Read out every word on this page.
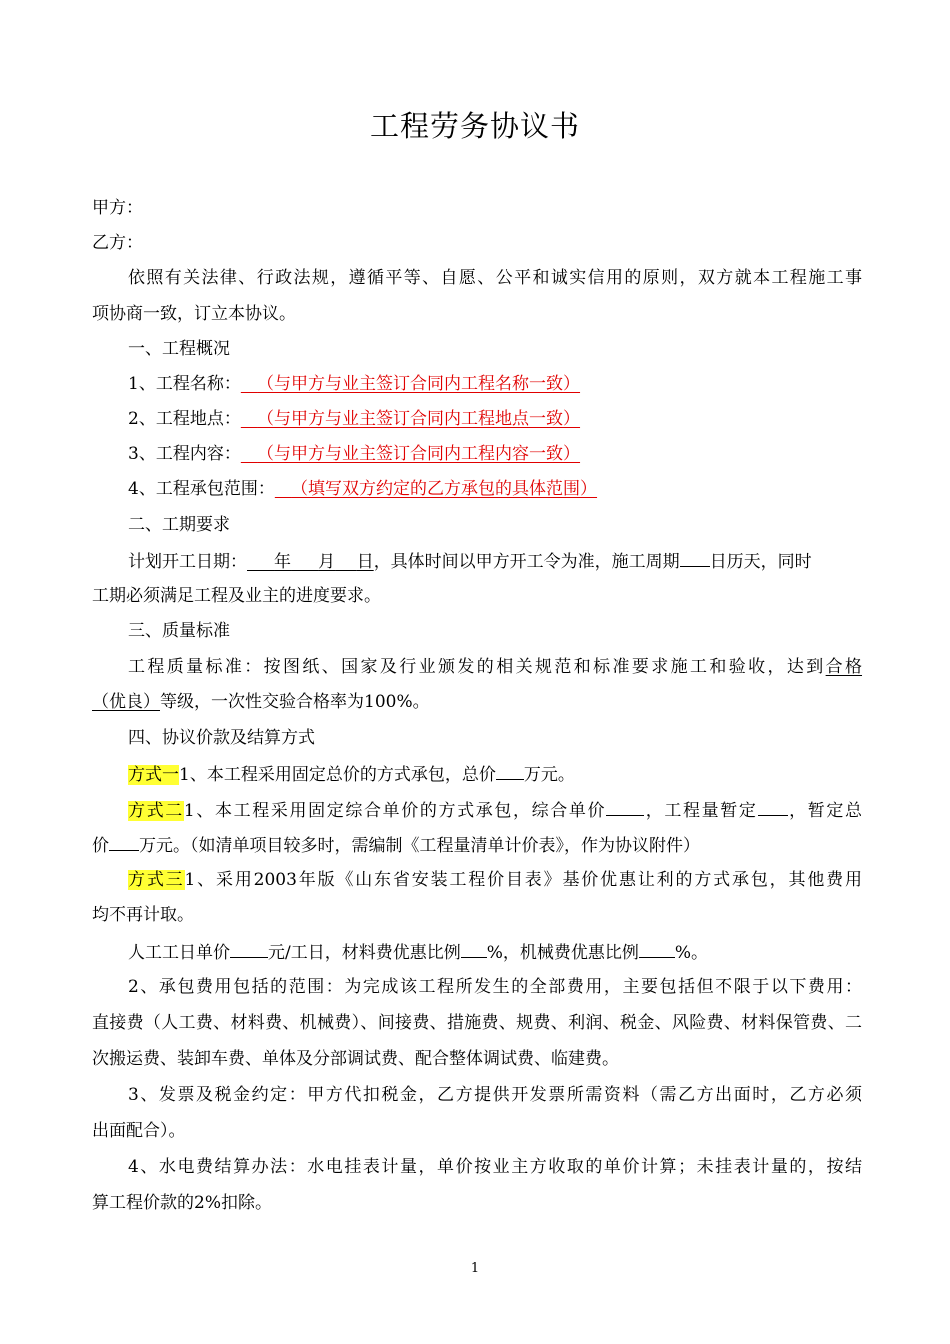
工程劳务协议书
甲方：
乙方：
依照有关法律、行政法规，遵循平等、自愿、公平和诚实信用的原则，双方就本工程施工事
项协商一致，订立本协议。
一、工程概况
1、工程名称： （与甲方与业主签订合同内工程名称一致）
2、工程地点： （与甲方与业主签订合同内工程地点一致）
3、工程内容： （与甲方与业主签订合同内工程内容一致）
4、工程承包范围： （填写双方约定的乙方承包的具体范围）
二、工期要求
计划开工日期： 年 月 日，具体时间以甲方开工令为准，施工周期 日历天，同时
工期必须满足工程及业主的进度要求。
三、质量标准
工程质量标准：按图纸、国家及行业颁发的相关规范和标准要求施工和验收，达到合格
（优良）等级，一次性交验合格率为100%。
四、协议价款及结算方式
方式一1、本工程采用固定总价的方式承包，总价 万元。
方式二1、本工程采用固定综合单价的方式承包，综合单价 ，工程量暂定 ，暂定总
价 万元。（如清单项目较多时，需编制《工程量清单计价表》，作为协议附件）
方式三1、采用2003年版《山东省安装工程价目表》基价优惠让利的方式承包，其他费用
均不再计取。
人工工日单价 元/工日，材料费优惠比例 %，机械费优惠比例 %。
2、承包费用包括的范围：为完成该工程所发生的全部费用，主要包括但不限于以下费用：
直接费（人工费、材料费、机械费）、间接费、措施费、规费、利润、税金、风险费、材料保管费、二
次搬运费、装卸车费、单体及分部调试费、配合整体调试费、临建费。
3、发票及税金约定：甲方代扣税金，乙方提供开发票所需资料（需乙方出面时，乙方必须
出面配合）。
4、水电费结算办法：水电挂表计量，单价按业主方收取的单价计算；未挂表计量的，按结
算工程价款的2%扣除。
1
